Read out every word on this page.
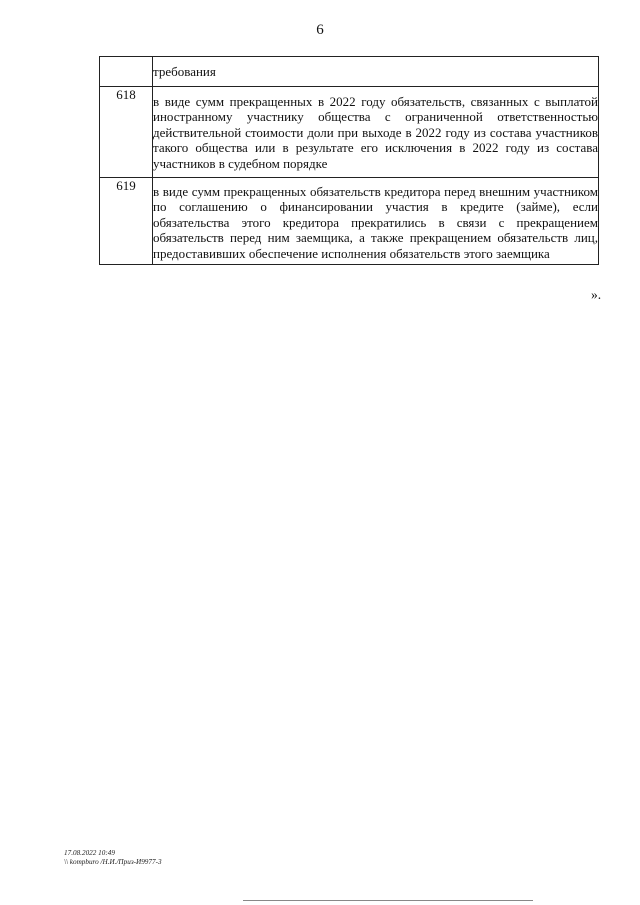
6
	требования
618	в виде сумм прекращенных в 2022 году обязательств, связанных с выплатой иностранному участнику общества с ограниченной ответственностью действительной стоимости доли при выходе в 2022 году из состава участников такого общества или в результате его исключения в 2022 году из состава участников в судебном порядке
619	в виде сумм прекращенных обязательств кредитора перед внешним участником по соглашению о финансировании участия в кредите (займе), если обязательства этого кредитора прекратились в связи с прекращением обязательств перед ним заемщика, а также прекращением обязательств лиц, предоставивших обеспечение исполнения обязательств этого заемщика
».
17.08.2022 10:49
\\ kompburo /Н.И./Приз-И9977-3
